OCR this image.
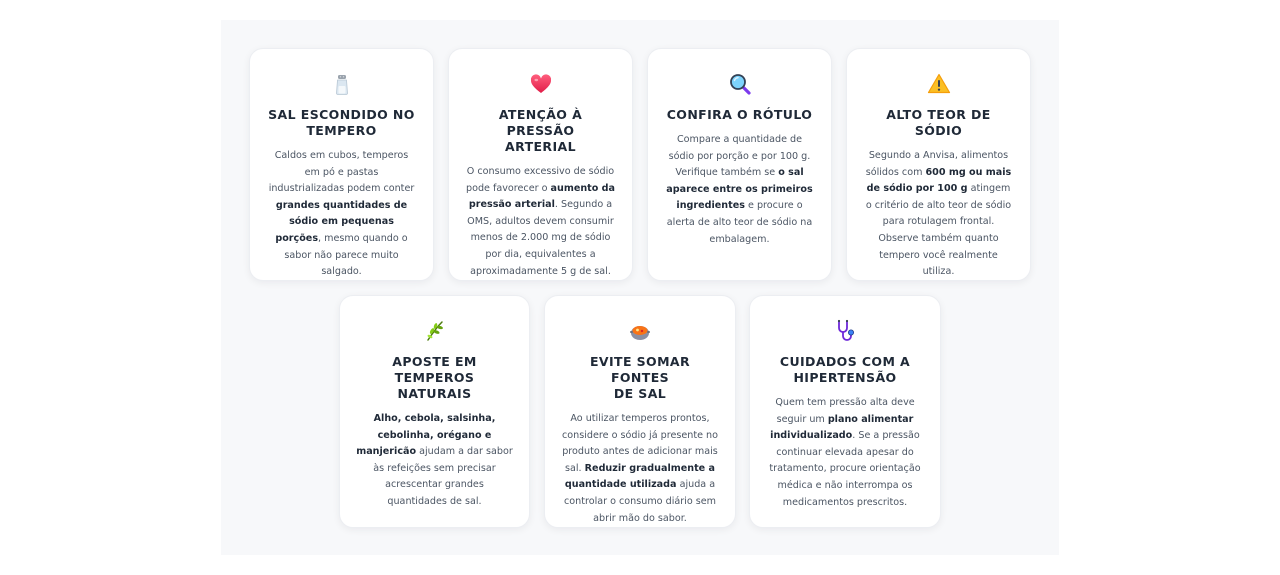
SAL ESCONDIDO NO
TEMPERO

Caldos em cubos, temperos em pó e pastas industrializadas podem conter grandes quantidades de sódio em pequenas porções, mesmo quando o sabor não parece muito salgado.

ATENÇÃO À PRESSÃO
ARTERIAL

O consumo excessivo de sódio pode favorecer o aumento da pressão arterial. Segundo a OMS, adultos devem consumir menos de 2.000 mg de sódio por dia, equivalentes a aproximadamente 5 g de sal.

CONFIRA O RÓTULO

Compare a quantidade de sódio por porção e por 100 g. Verifique também se o sal aparece entre os primeiros ingredientes e procure o alerta de alto teor de sódio na embalagem.

ALTO TEOR DE SÓDIO

Segundo a Anvisa, alimentos sólidos com 600 mg ou mais de sódio por 100 g atingem o critério de alto teor de sódio para rotulagem frontal. Observe também quanto tempero você realmente utiliza.

APOSTE EM TEMPEROS
NATURAIS

Alho, cebola, salsinha, cebolinha, orégano e manjericão ajudam a dar sabor às refeições sem precisar acrescentar grandes quantidades de sal.

EVITE SOMAR FONTES
DE SAL

Ao utilizar temperos prontos, considere o sódio já presente no produto antes de adicionar mais sal. Reduzir gradualmente a quantidade utilizada ajuda a controlar o consumo diário sem abrir mão do sabor.

CUIDADOS COM A
HIPERTENSÃO

Quem tem pressão alta deve seguir um plano alimentar individualizado. Se a pressão continuar elevada apesar do tratamento, procure orientação médica e não interrompa os medicamentos prescritos.
